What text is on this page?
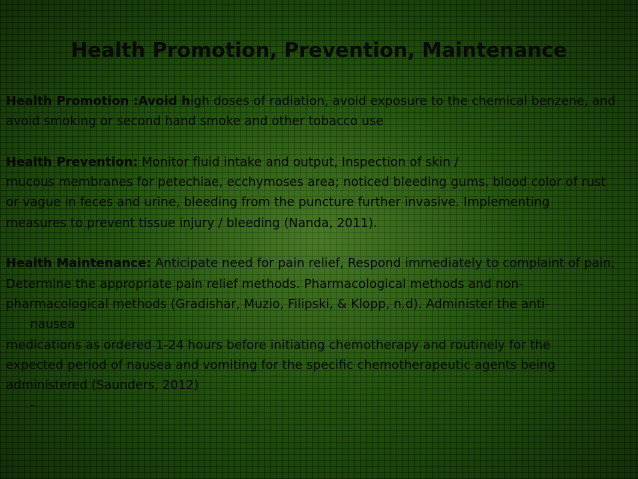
Health Promotion, Prevention, Maintenance
Health Promotion :Avoid high doses of radiation, avoid exposure to the chemical benzene, and
avoid smoking or second hand smoke and other tobacco use
Health Prevention: Monitor fluid intake and output, Inspection of skin /
mucous membranes for petechiae, ecchymoses area; noticed bleeding gums, blood color of rust
or vague in feces and urine, bleeding from the puncture further invasive. Implementing
measures to prevent tissue injury / bleeding (Nanda, 2011).
Health Maintenance: Anticipate need for pain relief, Respond immediately to complaint of pain,
Determine the appropriate pain relief methods. Pharmacological methods and non-
pharmacological methods (Gradishar, Muzio, Filipski, & Klopp, n.d). Administer the anti-
nausea
medications as ordered 1-24 hours before initiating chemotherapy and routinely for the
expected period of nausea and vomiting for the specific chemotherapeutic agents being
administered (Saunders, 2012)
-
